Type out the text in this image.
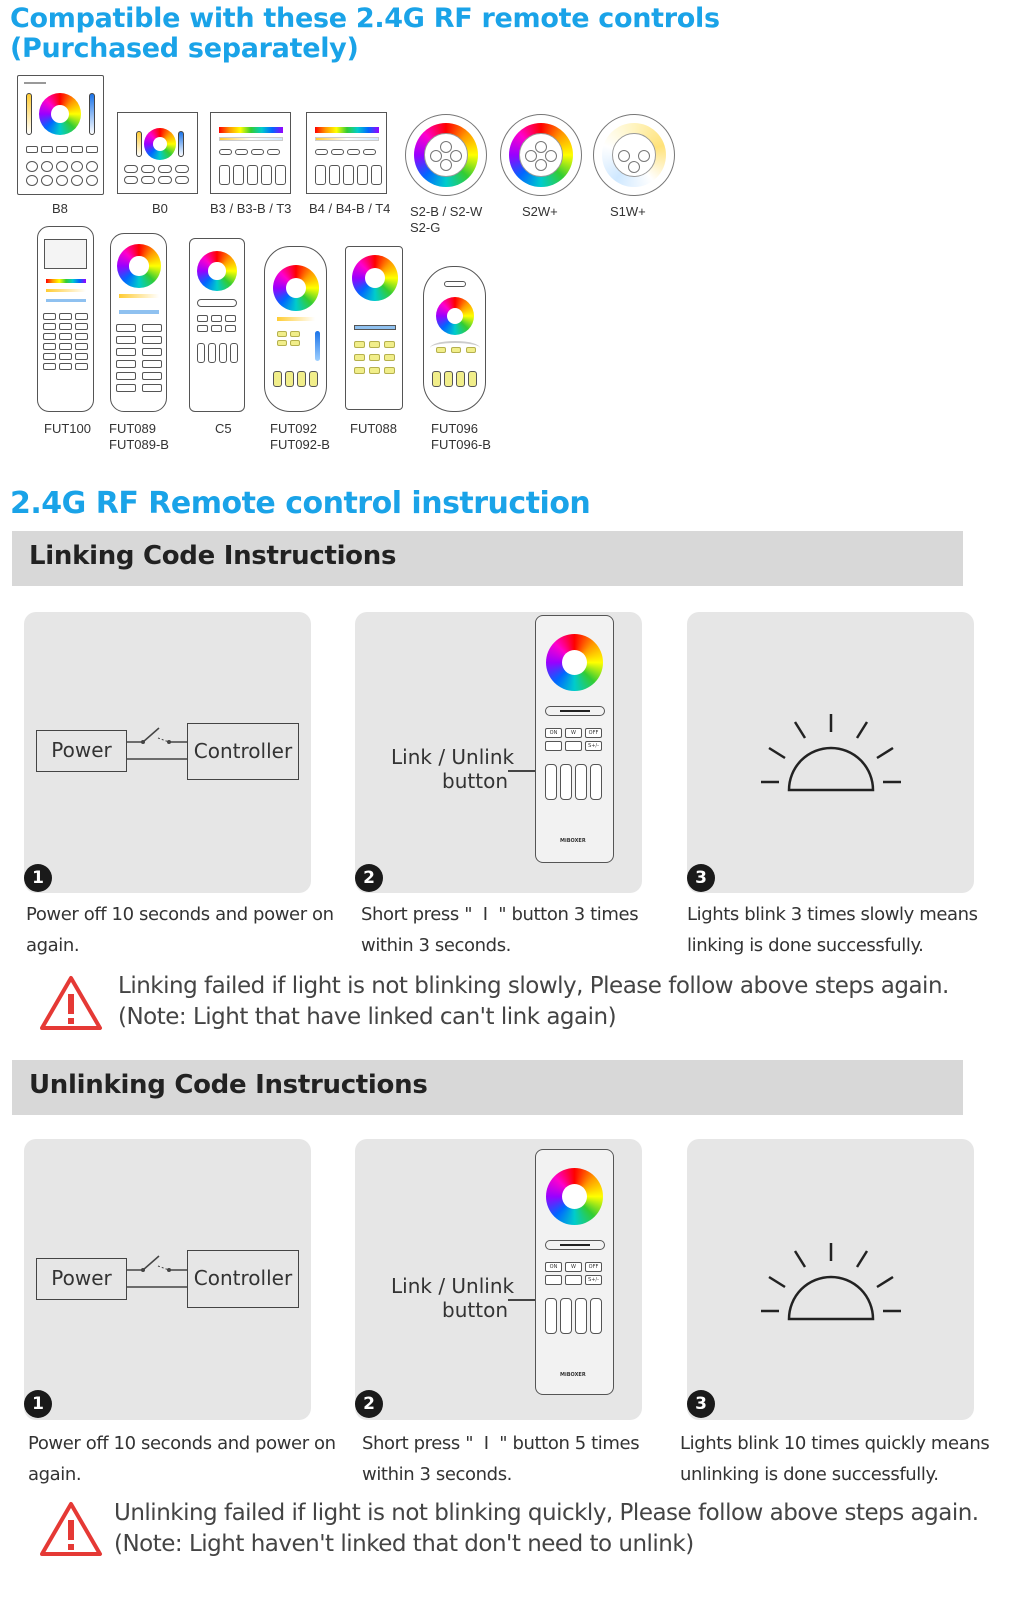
Compatible with these 2.4G RF remote controls
(Purchased separately)
B8	B0	B3 / B3-B / T3 B4 / B4-B / T4 S2-B / S2-W
S2-G
S2W+	S1W+
FUT100 FUT089
FUT089-B
C5	FUT092
FUT092-B
FUT088	FUT096
FUT096-B
2.4G RF Remote control instruction
Linking Code Instructions
Power	Controller
1
Power off 10 seconds and power on
again.
Link / Unlink
button
ON	W	OFF
S+/-
MiBOXER
2
Short press "  I  " button 3 times
within 3 seconds.
3
Lights blink 3 times slowly means
linking is done successfully.
Linking failed if light is not blinking slowly, Please follow above steps again.
(Note: Light that have linked can't link again)
Unlinking Code Instructions
Power	Controller
1
Power off 10 seconds and power on
again.
Link / Unlink
button
ON	W	OFF
S+/-
MiBOXER
2
Short press "  I  " button 5 times
within 3 seconds.
3
Lights blink 10 times quickly means
unlinking is done successfully.
Unlinking failed if light is not blinking quickly, Please follow above steps again.
(Note: Light haven't linked that don't need to unlink)
